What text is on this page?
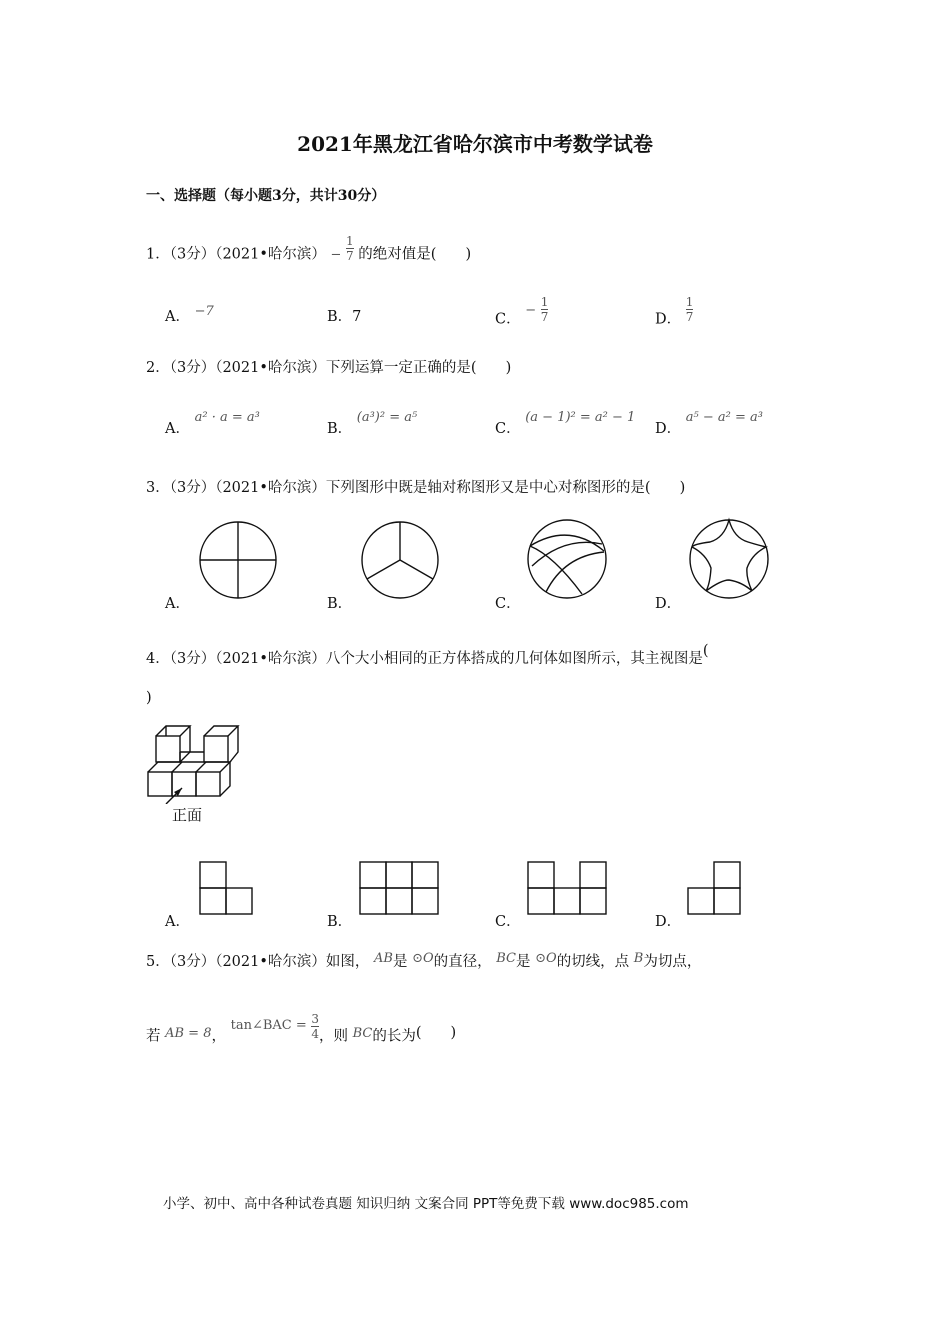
2021年黑龙江省哈尔滨市中考数学试卷
一、选择题（每小题3分，共计30分）
1．（3分）（2021•哈尔滨） − $\frac{1}{7}$ 的绝对值是(　　)
A． −7	B．7	C． − $\frac{1}{7}$	D． $\frac{1}{7}$
2．（3分）（2021•哈尔滨）下列运算一定正确的是(　　)
A． a² · a = a³
B． (a³)² = a⁵
C． (a − 1)² = a² − 1
D． a⁵ − a² = a³
3．（3分）（2021•哈尔滨）下列图形中既是轴对称图形又是中心对称图形的是(　　)
A．	B．	C．	D．
4．（3分）（2021•哈尔滨）八个大小相同的正方体搭成的几何体如图所示，其主视图是(
)
正面
A．	B．	C．	D．
5．（3分）（2021•哈尔滨）如图， AB是 ⊙O的直径， BC是 ⊙O的切线，点 B为切点，
若 AB = 8， tan∠BAC = $\frac{3}{4}$ ，则 BC的长为(　　)
小学、初中、高中各种试卷真题 知识归纳 文案合同 PPT等免费下载 www.doc985.com
